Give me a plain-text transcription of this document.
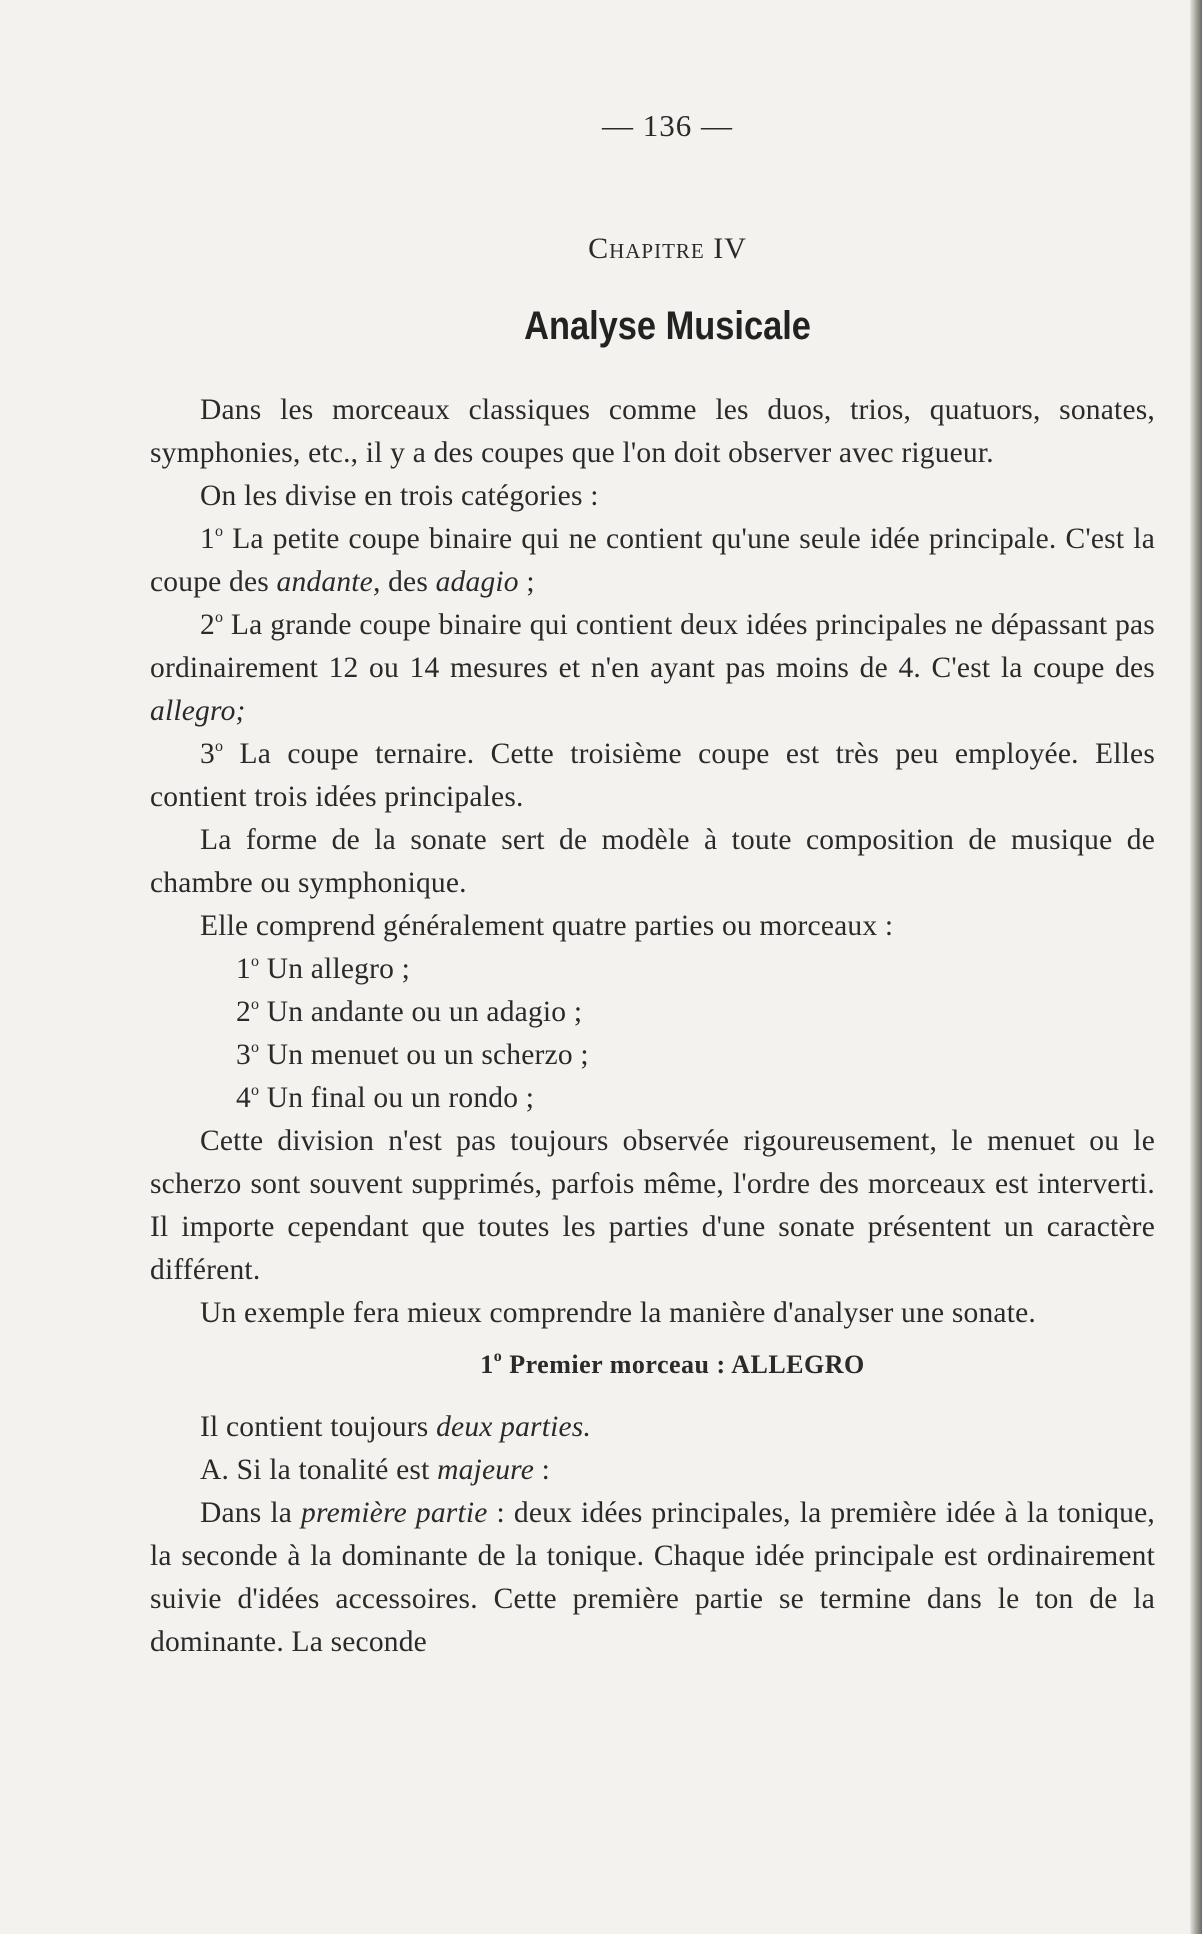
— 136 —
Chapitre IV
Analyse Musicale

Dans les morceaux classiques comme les duos, trios, quatuors, sonates, symphonies, etc., il y a des coupes que l'on doit observer avec rigueur.

On les divise en trois catégories :

1$^o$ La petite coupe binaire qui ne contient qu'une seule idée principale. C'est la coupe des andante, des adagio ;

2$^o$ La grande coupe binaire qui contient deux idées principales ne dépassant pas ordinairement 12 ou 14 mesures et n'en ayant pas moins de 4. C'est la coupe des allegro;

3$^o$ La coupe ternaire. Cette troisième coupe est très peu employée. Elles contient trois idées principales.

La forme de la sonate sert de modèle à toute composition de musique de chambre ou symphonique.

Elle comprend généralement quatre parties ou morceaux :

1$^o$ Un allegro ;

2$^o$ Un andante ou un adagio ;

3$^o$ Un menuet ou un scherzo ;

4$^o$ Un final ou un rondo ;

Cette division n'est pas toujours observée rigoureusement, le menuet ou le scherzo sont souvent supprimés, parfois même, l'ordre des morceaux est interverti. Il importe cependant que toutes les parties d'une sonate présentent un caractère différent.

Un exemple fera mieux comprendre la manière d'analyser une sonate.

1$^o$ Premier morceau : ALLEGRO

Il contient toujours deux parties.

A. Si la tonalité est majeure :

Dans la première partie : deux idées principales, la première idée à la tonique, la seconde à la dominante de la tonique. Chaque idée principale est ordinairement suivie d'idées accessoires. Cette première partie se termine dans le ton de la dominante. La seconde
